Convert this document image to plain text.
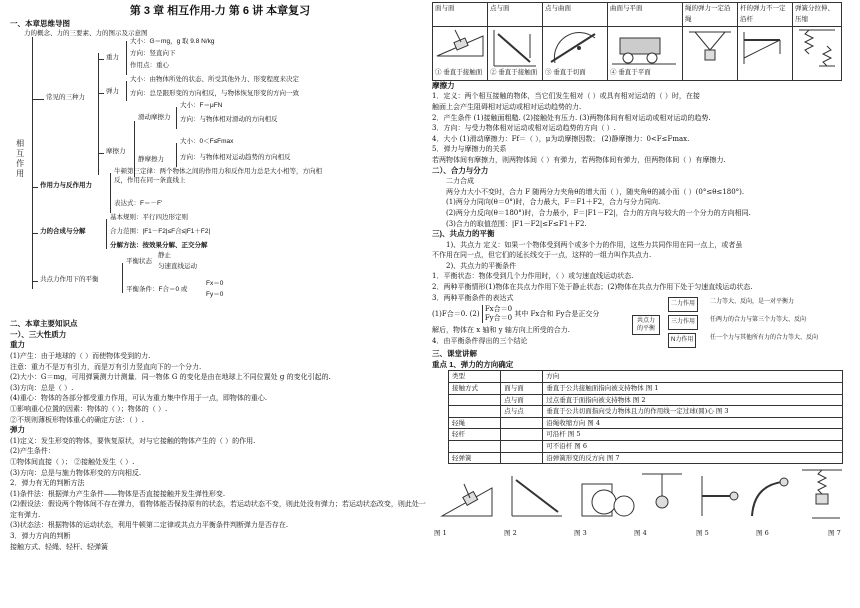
第 3 章 相互作用-力 第 6 讲 本章复习
一、本章思维导图
力的概念、力的三要素、力的图示及示意图
相互作用
常见的三种力
重力
大小：G＝mg，g 取 9.8 N/kg
方向：竖直向下
作用点：重心
弹力
大小：由物体所处的状态、所受其他外力、形变程度来决定
方向：总是跟形变的方向相反，与物体恢复形变的方向一致
摩擦力
滑动摩擦力
大小：F＝μFN
方向：与物体相对滑动的方向相反
静摩擦力
大小：0＜F≤Fmax
方向：与物体相对运动趋势的方向相反
作用力与反作用力
牛顿第三定律：两个物体之间的作用力和反作用力总是大小相等，方向相反，作用在同一条直线上
表达式：F＝－F'
力的合成与分解
基本规则：平行四边形定则
合力范围：|F1－F2|≤F合≤|F1＋F2|
分解方法：按效果分解、正交分解
共点力作用下的平衡
平衡状态
静止
匀速直线运动
平衡条件：F合＝0 或
Fx＝0
Fy＝0
二、本章主要知识点
一）、三大性质力
重力
(1)产生：由于地球的（ ）而使物体受到的力.
注意：重力不是万有引力，而是万有引力竖直向下的一个分力.
(2)大小：G＝mg，可用弹簧测力计测量．同一物体 G 的变化是由在地球上不同位置处 g 的变化引起的.
(3)方向：总是（ ）.
(4)重心：物体的各部分都受重力作用，可认为重力集中作用于一点，即物体的重心.
①影响重心位置的因素：物体的（ ）；物体的（ ）.
②不规则薄板形物体重心的确定方法：（ ）.
弹力
(1)定义：发生形变的物体，要恢复原状，对与它接触的物体产生的（ ）的作用.
(2)产生条件：
①物体间直接（ ）； ②接触处发生（ ）.
(3)方向：总是与施力物体形变的方向相反.
2．弹力有无的判断方法
(1)条件法：根据弹力产生条件——物体是否直接接触并发生弹性形变.
(2)假设法：假设两个物体间不存在弹力，看物体能否保持原有的状态，若运动状态不变，则此处没有弹力；若运动状态改变，则此处一定有弹力.
(3)状态法：根据物体的运动状态，利用牛顿第二定律或共点力平衡条件判断弹力是否存在.
3．弹力方向的判断
接触方式、轻绳、轻杆、轻弹簧
面与面	点与面	点与曲面	曲面与平面	绳的弹力一定沿绳	杆的弹力不一定沿杆	弹簧分拉伸、压缩

① 垂直于接触面	② 垂直于接触面	③ 垂直于切面	④ 垂直于平面

摩擦力
1．定义：两个相互接触的物体，当它们发生相对（ ）或具有相对运动的（ ）时，在接
触面上会产生阻碍相对运动或相对运动趋势的力.
2．产生条件 (1)接触面粗糙. (2)接触处有压力. (3)两物体间有相对运动或相对运动的趋势.
3．方向：与受力物体相对运动或相对运动趋势的方向（ ）.
4．大小 (1)滑动摩擦力：Ff＝（ ），μ为动摩擦因数； (2)静摩擦力：0<F≤Fmax.
5．弹力与摩擦力的关系
若两物体间有摩擦力，则两物体间（ ）有弹力，若两物体间有弹力，但两物体间（ ）有摩擦力.
二）、合力与分力
二力合成
两分力大小不变时，合力 F 随两分力夹角θ的增大而（ ），随夹角θ的减小而（ ）(0°≤θ≤180°).
(1)两分力同向(θ＝0°)时，合力最大，F＝F1＋F2，合力与分力同向.
(2)两分力反向(θ＝180°)时，合力最小，F＝|F1－F2|，合力的方向与较大的一个分力的方向相同.
(3)合力的取值范围：|F1－F2|≤F≤F1＋F2.
三)、共点力的平衡
1)、共点力 定义：如果一个物体受到两个或多个力的作用，这些力共同作用在同一点上，或者虽
不作用在同一点，但它们的延长线交于一点，这样的一组力叫作共点力.
2)、共点力的平衡条件
1．平衡状态：物体受到几个力作用时，（ ）或匀速直线运动状态.
2．两种平衡情形(1)物体在共点力作用下处于静止状态；(2)物体在共点力作用下处于匀速直线运动状态.
3．两种平衡条件的表达式
(1)F合＝0. (2) Fx合＝0
Fy合＝0 其中 Fx合和 Fy合是正交分
解后，物体在 x 轴和 y 轴方向上所受的合力.
4．由平衡条件得出的三个结论
共点力的平衡
二力作用	二力等大、反向，是一对平衡力
三力作用	任两力的合力与第三个力等大、反向
N力作用	任一个力与其他所有力的合力等大、反向
三、课堂讲解
重点 1、弹力的方向确定
类型		方向
接触方式	面与面	垂直于公共接触面指向被支持物体 图 1
	点与面	过点垂直于面指向被支持物体 图 2
	点与点	垂直于公共切面指向受力物体且力的作用线一定过球(圆)心 图 3
轻绳		沿绳收缩方向 图 4
轻杆		可沿杆 图 5
		可不沿杆 图 6
轻弹簧		沿弹簧形变的反方向 图 7
图 1	图 2	图 3	图 4	图 5	图 6	图 7
